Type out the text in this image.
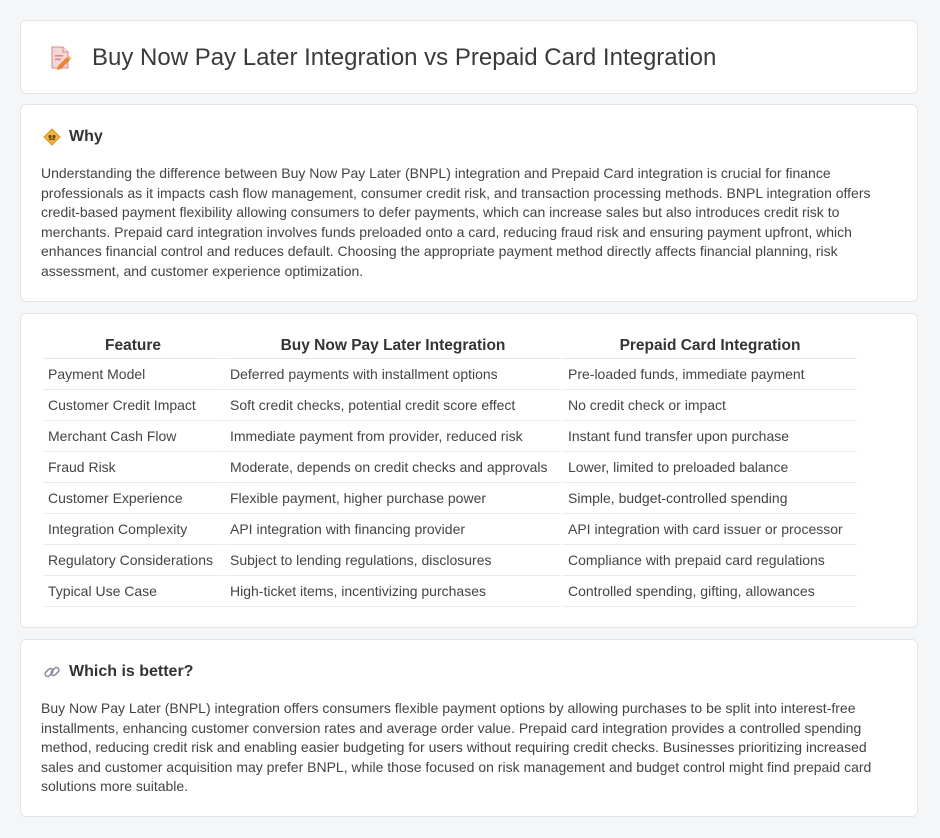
Buy Now Pay Later Integration vs Prepaid Card Integration
Why

Understanding the difference between Buy Now Pay Later (BNPL) integration and Prepaid Card integration is crucial for finance professionals as it impacts cash flow management, consumer credit risk, and transaction processing methods. BNPL integration offers credit-based payment flexibility allowing consumers to defer payments, which can increase sales but also introduces credit risk to merchants. Prepaid card integration involves funds preloaded onto a card, reducing fraud risk and ensuring payment upfront, which enhances financial control and reduces default. Choosing the appropriate payment method directly affects financial planning, risk assessment, and customer experience optimization.

Feature	Buy Now Pay Later Integration	Prepaid Card Integration
Payment Model	Deferred payments with installment options	Pre-loaded funds, immediate payment
Customer Credit Impact	Soft credit checks, potential credit score effect	No credit check or impact
Merchant Cash Flow	Immediate payment from provider, reduced risk	Instant fund transfer upon purchase
Fraud Risk	Moderate, depends on credit checks and approvals	Lower, limited to preloaded balance
Customer Experience	Flexible payment, higher purchase power	Simple, budget-controlled spending
Integration Complexity	API integration with financing provider	API integration with card issuer or processor
Regulatory Considerations	Subject to lending regulations, disclosures	Compliance with prepaid card regulations
Typical Use Case	High-ticket items, incentivizing purchases	Controlled spending, gifting, allowances
Which is better?

Buy Now Pay Later (BNPL) integration offers consumers flexible payment options by allowing purchases to be split into interest-free installments, enhancing customer conversion rates and average order value. Prepaid card integration provides a controlled spending method, reducing credit risk and enabling easier budgeting for users without requiring credit checks. Businesses prioritizing increased sales and customer acquisition may prefer BNPL, while those focused on risk management and budget control might find prepaid card solutions more suitable.
